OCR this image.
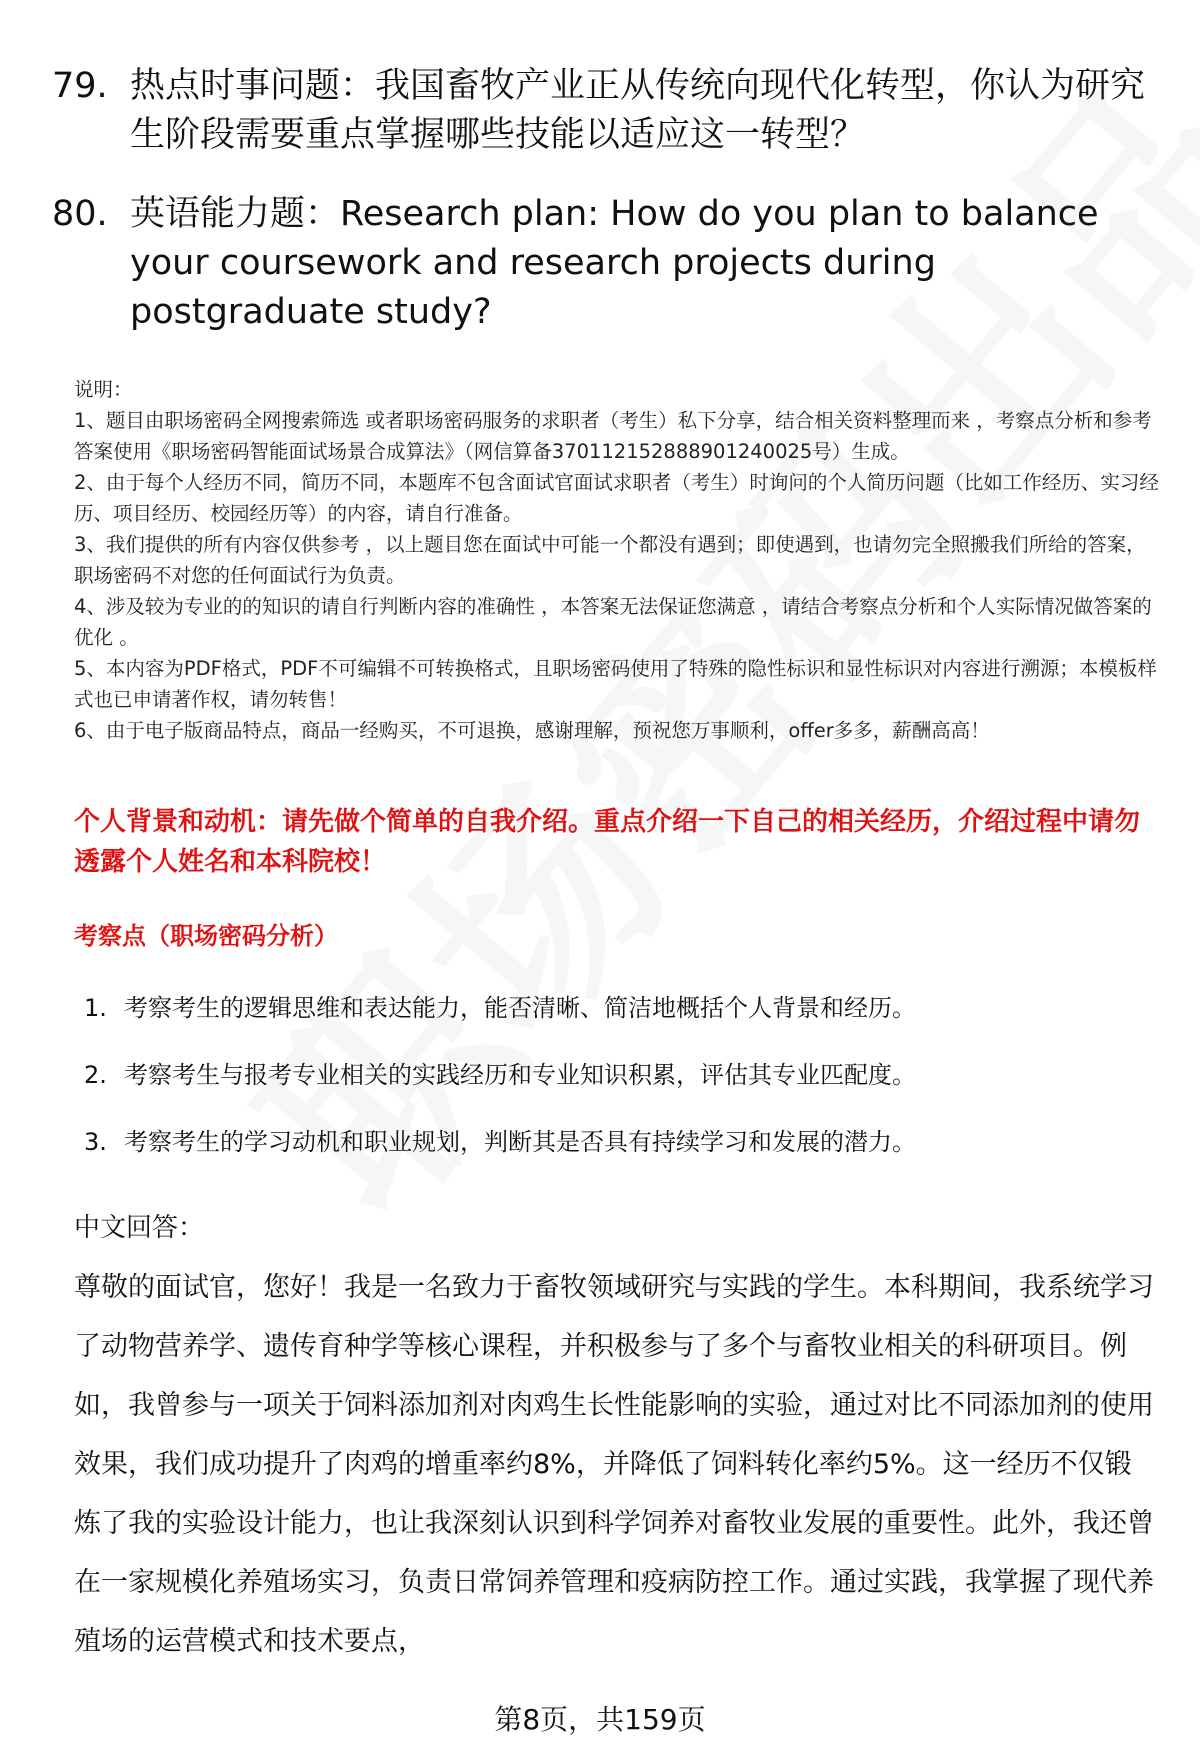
79. 热点时事问题：我国畜牧产业正从传统向现代化转型，你认为研究生阶段需要重点掌握哪些技能以适应这一转型？
80. 英语能力题：Research plan: How do you plan to balance your coursework and research projects during postgraduate study?

说明：

1、题目由职场密码全网搜索筛选 或者职场密码服务的求职者（考生）私下分享，结合相关资料整理而来 ，考察点分析和参考答案使用《职场密码智能面试场景合成算法》（网信算备370112152888901240025号）生成。

2、由于每个人经历不同，简历不同，本题库不包含面试官面试求职者（考生）时询问的个人简历问题（比如工作经历、实习经历、项目经历、校园经历等）的内容，请自行准备。

3、我们提供的所有内容仅供参考 ，以上题目您在面试中可能一个都没有遇到；即使遇到，也请勿完全照搬我们所给的答案，职场密码不对您的任何面试行为负责。

4、涉及较为专业的的知识的请自行判断内容的准确性 ，本答案无法保证您满意 ，请结合考察点分析和个人实际情况做答案的优化 。

5、本内容为PDF格式，PDF不可编辑不可转换格式，且职场密码使用了特殊的隐性标识和显性标识对内容进行溯源；本模板样式也已申请著作权，请勿转售！

6、由于电子版商品特点，商品一经购买，不可退换，感谢理解，预祝您万事顺利，offer多多，薪酬高高！

个人背景和动机：请先做个简单的自我介绍。重点介绍一下自己的相关经历，介绍过程中请勿透露个人姓名和本科院校！
考察点（职场密码分析）
1. 考察考生的逻辑思维和表达能力，能否清晰、简洁地概括个人背景和经历。
2. 考察考生与报考专业相关的实践经历和专业知识积累，评估其专业匹配度。
3. 考察考生的学习动机和职业规划，判断其是否具有持续学习和发展的潜力。
中文回答：

尊敬的面试官，您好！我是一名致力于畜牧领域研究与实践的学生。本科期间，我系统学习了动物营养学、遗传育种学等核心课程，并积极参与了多个与畜牧业相关的科研项目。例如，我曾参与一项关于饲料添加剂对肉鸡生长性能影响的实验，通过对比不同添加剂的使用效果，我们成功提升了肉鸡的增重率约8%，并降低了饲料转化率约5%。这一经历不仅锻炼了我的实验设计能力，也让我深刻认识到科学饲养对畜牧业发展的重要性。此外，我还曾在一家规模化养殖场实习，负责日常饲养管理和疫病防控工作。通过实践，我掌握了现代养殖场的运营模式和技术要点，

第8页，共159页
